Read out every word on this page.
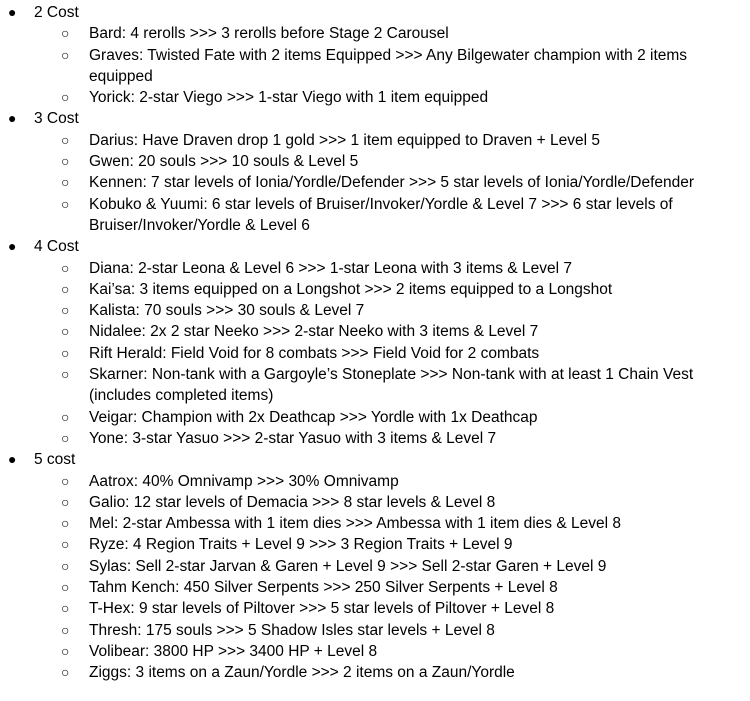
● 2 Cost
○ Bard: 4 rerolls >>> 3 rerolls before Stage 2 Carousel
○ Graves: Twisted Fate with 2 items Equipped >>> Any Bilgewater champion with 2 items equipped
○ Yorick: 2-star Viego >>> 1-star Viego with 1 item equipped
● 3 Cost
○ Darius: Have Draven drop 1 gold >>> 1 item equipped to Draven + Level 5
○ Gwen: 20 souls >>> 10 souls & Level 5
○ Kennen: 7 star levels of Ionia/Yordle/Defender >>> 5 star levels of Ionia/Yordle/Defender
○ Kobuko & Yuumi: 6 star levels of Bruiser/Invoker/Yordle & Level 7 >>> 6 star levels of Bruiser/Invoker/Yordle & Level 6
● 4 Cost
○ Diana: 2-star Leona & Level 6 >>> 1-star Leona with 3 items & Level 7
○ Kai’sa: 3 items equipped on a Longshot >>> 2 items equipped to a Longshot
○ Kalista: 70 souls >>> 30 souls & Level 7
○ Nidalee: 2x 2 star Neeko >>> 2-star Neeko with 3 items & Level 7
○ Rift Herald: Field Void for 8 combats >>> Field Void for 2 combats
○ Skarner: Non-tank with a Gargoyle’s Stoneplate >>> Non-tank with at least 1 Chain Vest (includes completed items)
○ Veigar: Champion with 2x Deathcap >>> Yordle with 1x Deathcap
○ Yone: 3-star Yasuo >>> 2-star Yasuo with 3 items & Level 7
● 5 cost
○ Aatrox: 40% Omnivamp >>> 30% Omnivamp
○ Galio: 12 star levels of Demacia >>> 8 star levels & Level 8
○ Mel: 2-star Ambessa with 1 item dies >>> Ambessa with 1 item dies & Level 8
○ Ryze: 4 Region Traits + Level 9 >>> 3 Region Traits + Level 9
○ Sylas: Sell 2-star Jarvan & Garen + Level 9 >>> Sell 2-star Garen + Level 9
○ Tahm Kench: 450 Silver Serpents >>> 250 Silver Serpents + Level 8
○ T-Hex: 9 star levels of Piltover >>> 5 star levels of Piltover + Level 8
○ Thresh: 175 souls >>> 5 Shadow Isles star levels + Level 8
○ Volibear: 3800 HP >>> 3400 HP + Level 8
○ Ziggs: 3 items on a Zaun/Yordle >>> 2 items on a Zaun/Yordle
